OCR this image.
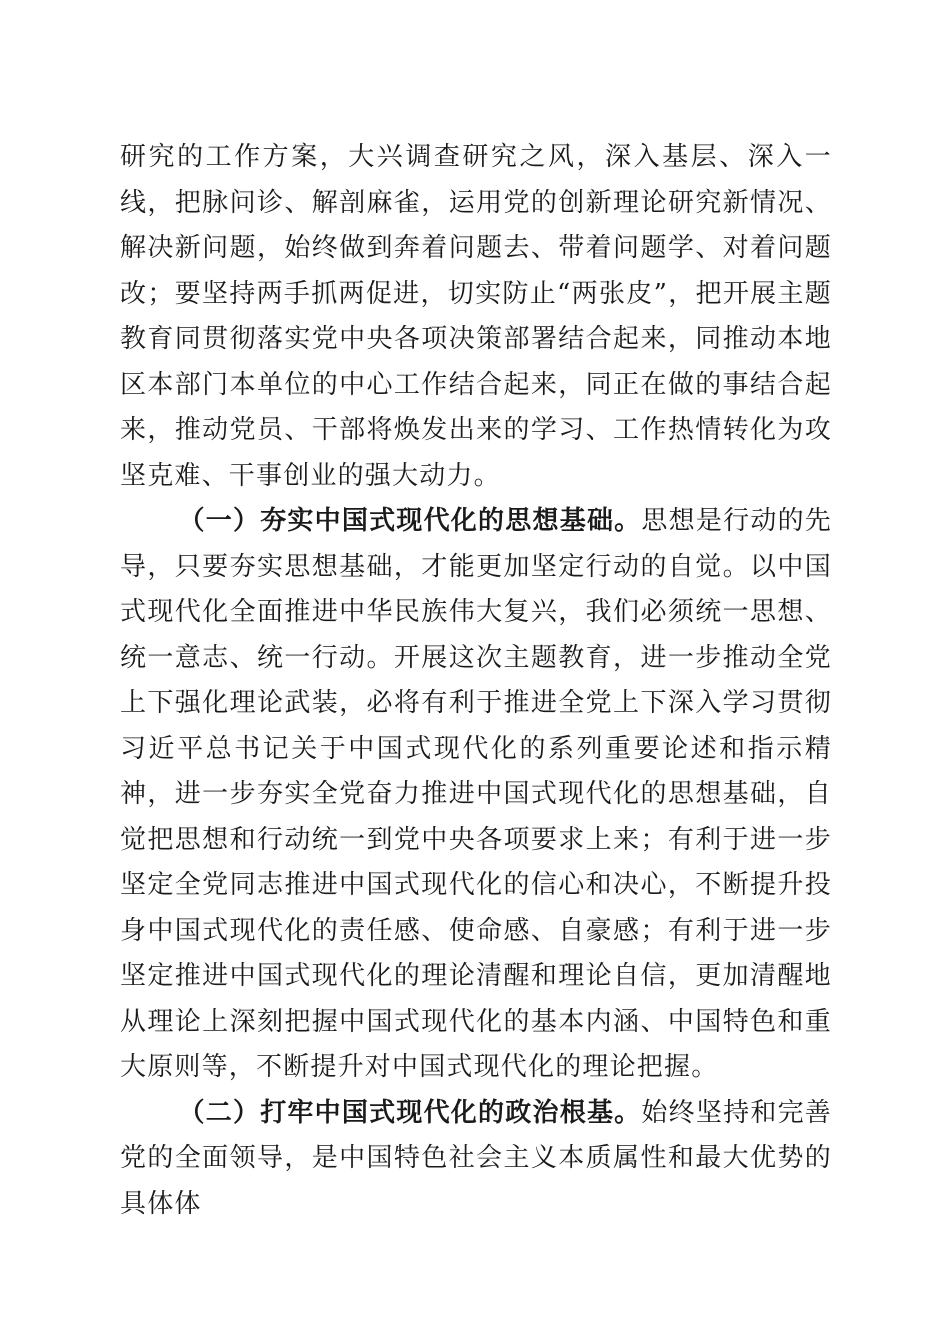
研究的工作方案，大兴调查研究之风，深入基层、深入一线，把脉问诊、解剖麻雀，运用党的创新理论研究新情况、解决新问题，始终做到奔着问题去、带着问题学、对着问题改；要坚持两手抓两促进，切实防止“两张皮”，把开展主题教育同贯彻落实党中央各项决策部署结合起来，同推动本地区本部门本单位的中心工作结合起来，同正在做的事结合起来，推动党员、干部将焕发出来的学习、工作热情转化为攻坚克难、干事创业的强大动力。

（一）夯实中国式现代化的思想基础。思想是行动的先导，只要夯实思想基础，才能更加坚定行动的自觉。以中国式现代化全面推进中华民族伟大复兴，我们必须统一思想、统一意志、统一行动。开展这次主题教育，进一步推动全党上下强化理论武装，必将有利于推进全党上下深入学习贯彻习近平总书记关于中国式现代化的系列重要论述和指示精神，进一步夯实全党奋力推进中国式现代化的思想基础，自觉把思想和行动统一到党中央各项要求上来；有利于进一步坚定全党同志推进中国式现代化的信心和决心，不断提升投身中国式现代化的责任感、使命感、自豪感；有利于进一步坚定推进中国式现代化的理论清醒和理论自信，更加清醒地从理论上深刻把握中国式现代化的基本内涵、中国特色和重大原则等，不断提升对中国式现代化的理论把握。

（二）打牢中国式现代化的政治根基。始终坚持和完善党的全面领导，是中国特色社会主义本质属性和最大优势的具体体
